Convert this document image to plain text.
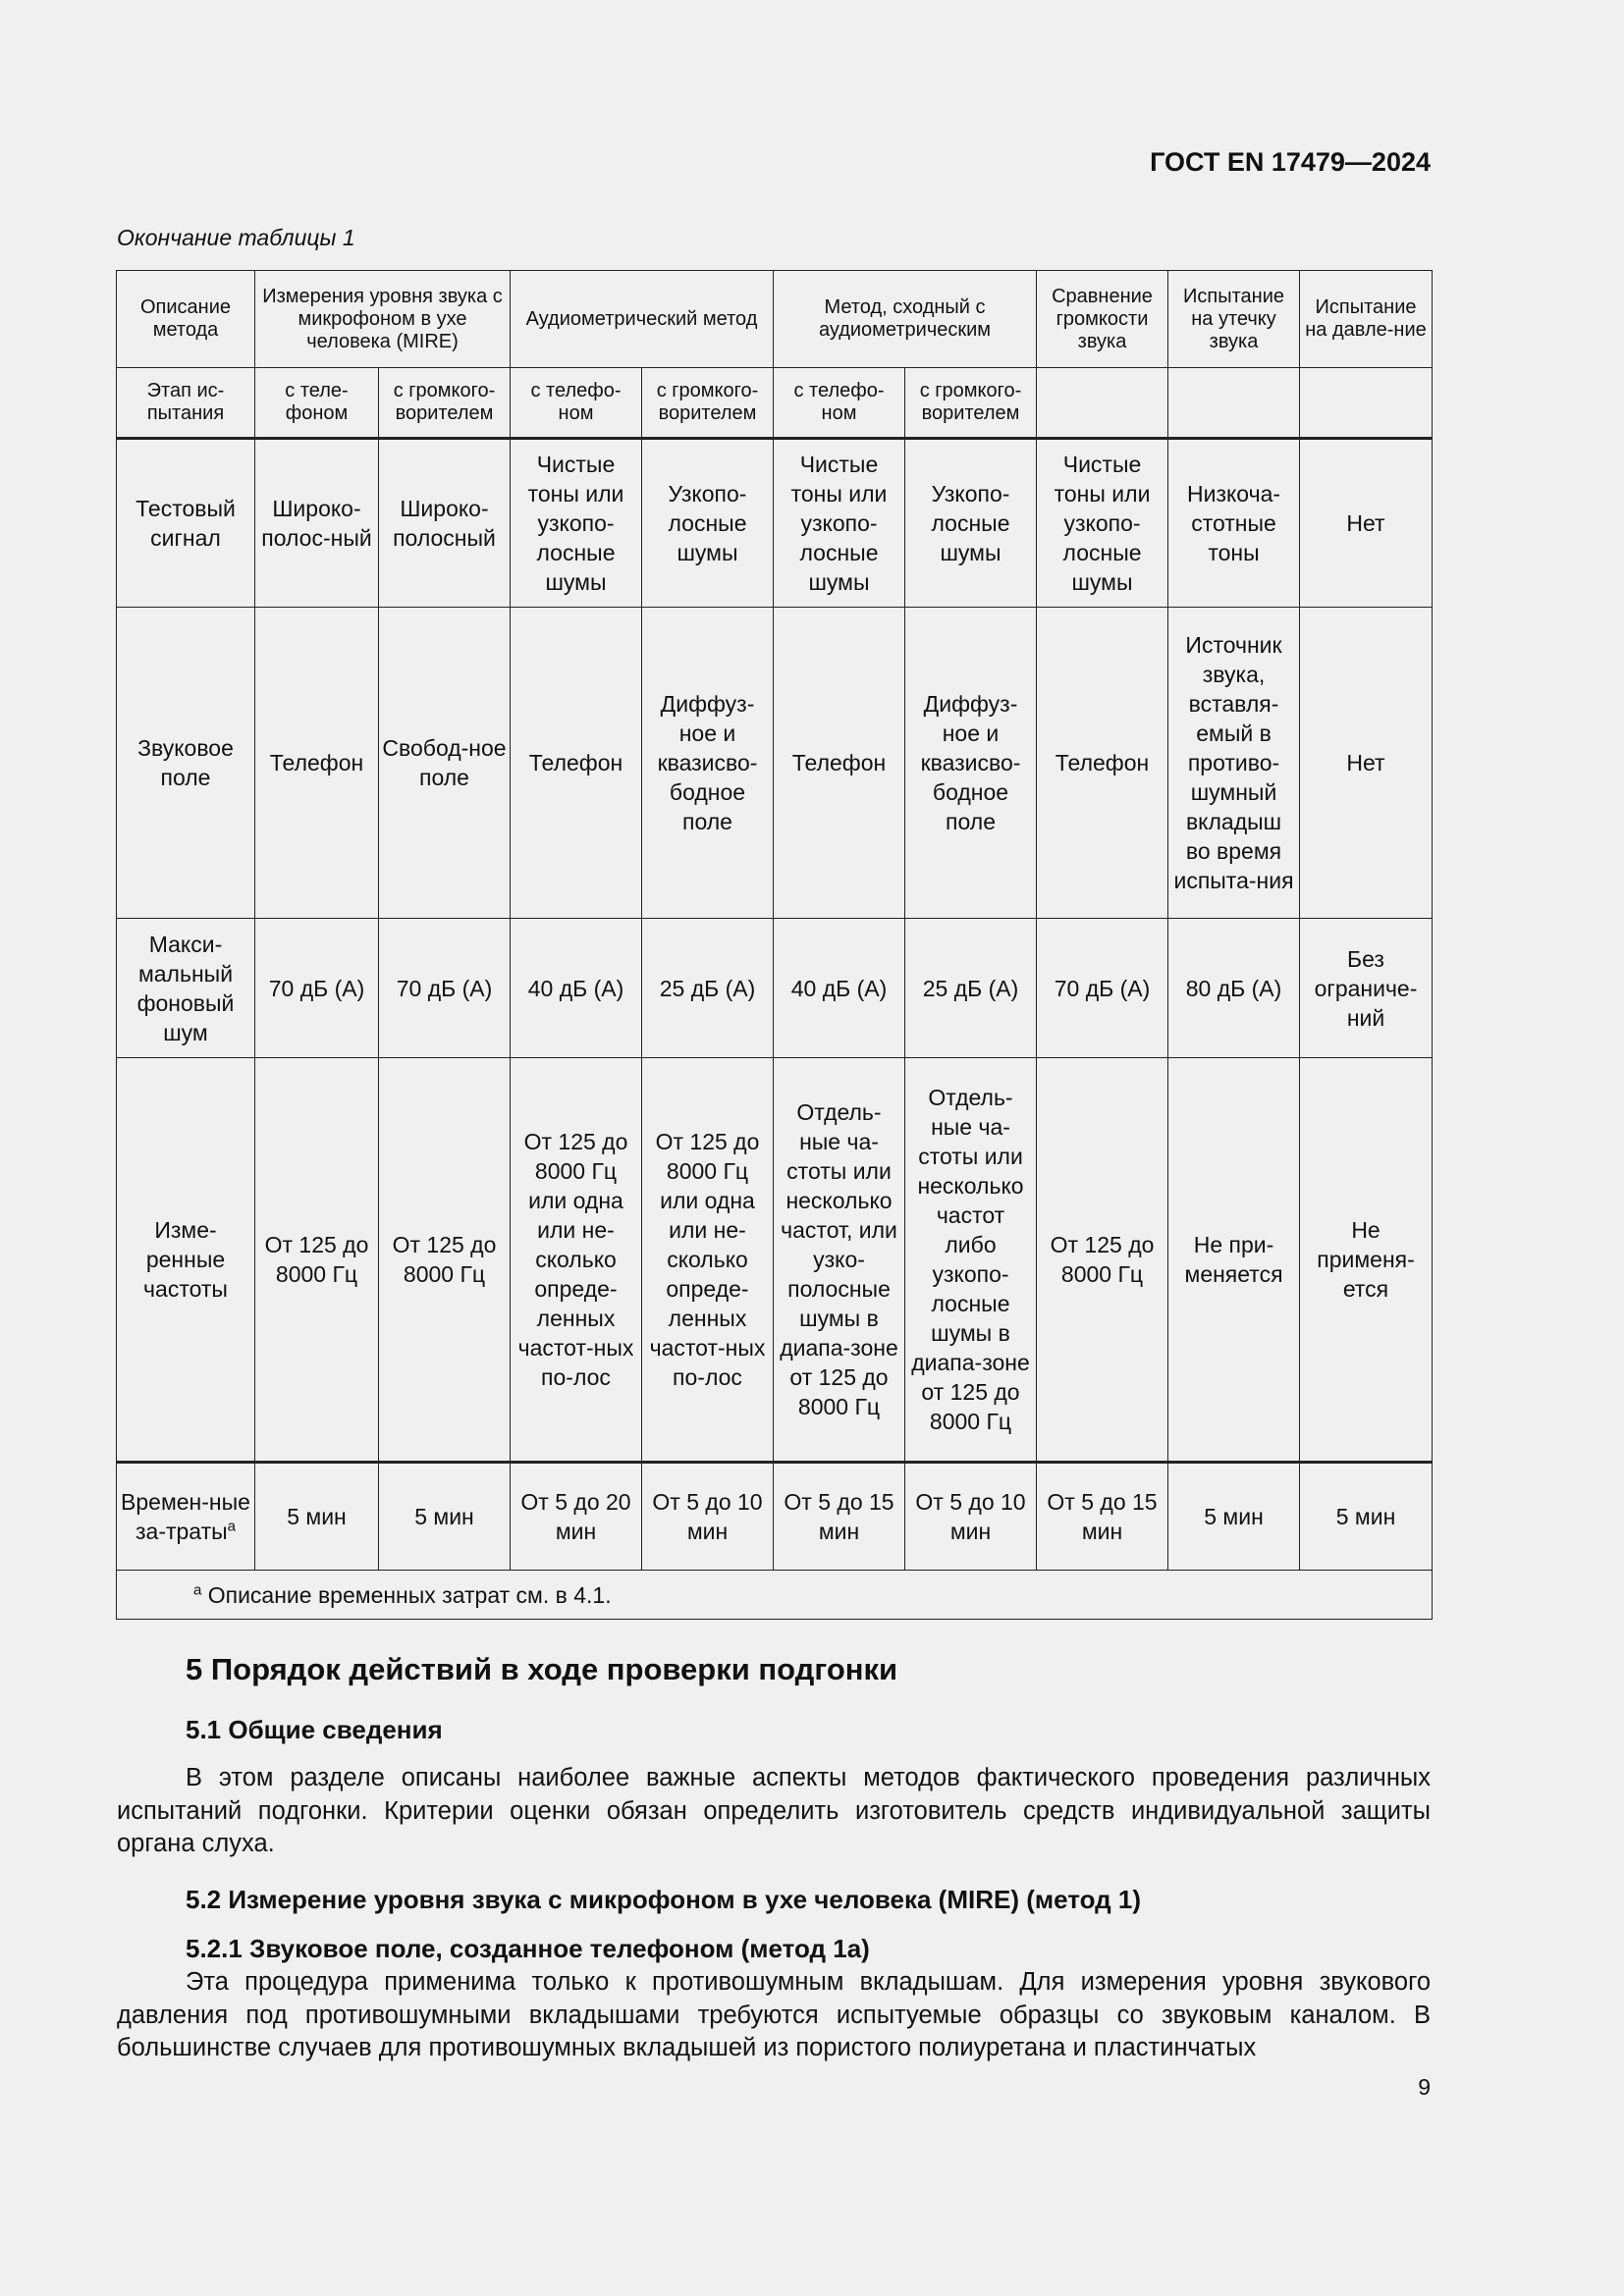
ГОСТ EN 17479—2024
Окончание таблицы 1
Описание метода	Измерения уровня звука с микрофоном в ухе человека (MIRE)		Аудиометрический метод		Метод, сходный с аудиометрическим		Сравнение громкости звука	Испытание на утечку звука	Испытание на давле-ние
Этап ис-пытания	с теле-фоном	с громкого-ворителем	с телефо-ном	с громкого-ворителем	с телефо-ном	с громкого-ворителем			
Тестовый сигнал	Широко-полос-ный	Широко-полосный	Чистые тоны или узкопо-лосные шумы	Узкопо-лосные шумы	Чистые тоны или узкопо-лосные шумы	Узкопо-лосные шумы	Чистые тоны или узкопо-лосные шумы	Низкоча-стотные тоны	Нет
Звуковое поле	Телефон	Свобод-ное поле	Телефон	Диффуз-ное и квазисво-бодное поле	Телефон	Диффуз-ное и квазисво-бодное поле	Телефон	Источник звука, вставля-емый в противо-шумный вкладыш во время испыта-ния	Нет
Макси-мальный фоновый шум	70 дБ (А)	70 дБ (А)	40 дБ (А)	25 дБ (А)	40 дБ (А)	25 дБ (А)	70 дБ (А)	80 дБ (А)	Без ограниче-ний
Изме-ренные частоты	От 125 до 8000 Гц	От 125 до 8000 Гц	От 125 до 8000 Гц или одна или не-сколько опреде-ленных частот-ных по-лос	От 125 до 8000 Гц или одна или не-сколько опреде-ленных частот-ных по-лос	Отдель-ные ча-стоты или несколько частот, или узко-полосные шумы в диапа-зоне от 125 до 8000 Гц	Отдель-ные ча-стоты или несколько частот либо узкопо-лосные шумы в диапа-зоне от 125 до 8000 Гц	От 125 до 8000 Гц	Не при-меняется	Не применя-ется
Времен-ные за-траты$^a$	5 мин	5 мин	От 5 до 20 мин	От 5 до 10 мин	От 5 до 15 мин	От 5 до 10 мин	От 5 до 15 мин	5 мин	5 мин
$^a$ Описание временных затрат см. в 4.1.									
5 Порядок действий в ходе проверки подгонки
5.1 Общие сведения
В этом разделе описаны наиболее важные аспекты методов фактического проведения различных испытаний подгонки. Критерии оценки обязан определить изготовитель средств индивидуальной защиты органа слуха.
5.2 Измерение уровня звука с микрофоном в ухе человека (MIRE) (метод 1)
5.2.1 Звуковое поле, созданное телефоном (метод 1а)
Эта процедура применима только к противошумным вкладышам. Для измерения уровня звукового давления под противошумными вкладышами требуются испытуемые образцы со звуковым каналом. В большинстве случаев для противошумных вкладышей из пористого полиуретана и пластинчатых
9
